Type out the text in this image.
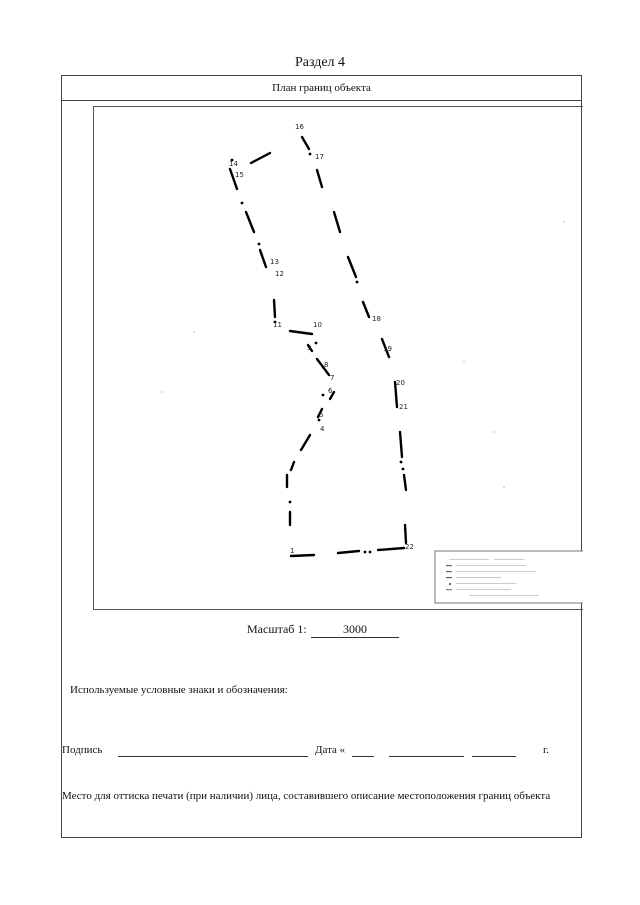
Раздел 4
План границ объекта
16
17
14
15
13
12
11	10
9
8
7
6
5
4
18
19
20
21
22
1
Масштаб 1:	3000
Используемые условные знаки и обозначения:
Подпись	Дата «	г.
Место для оттиска печати (при наличии) лица, составившего описание местоположения границ объекта
